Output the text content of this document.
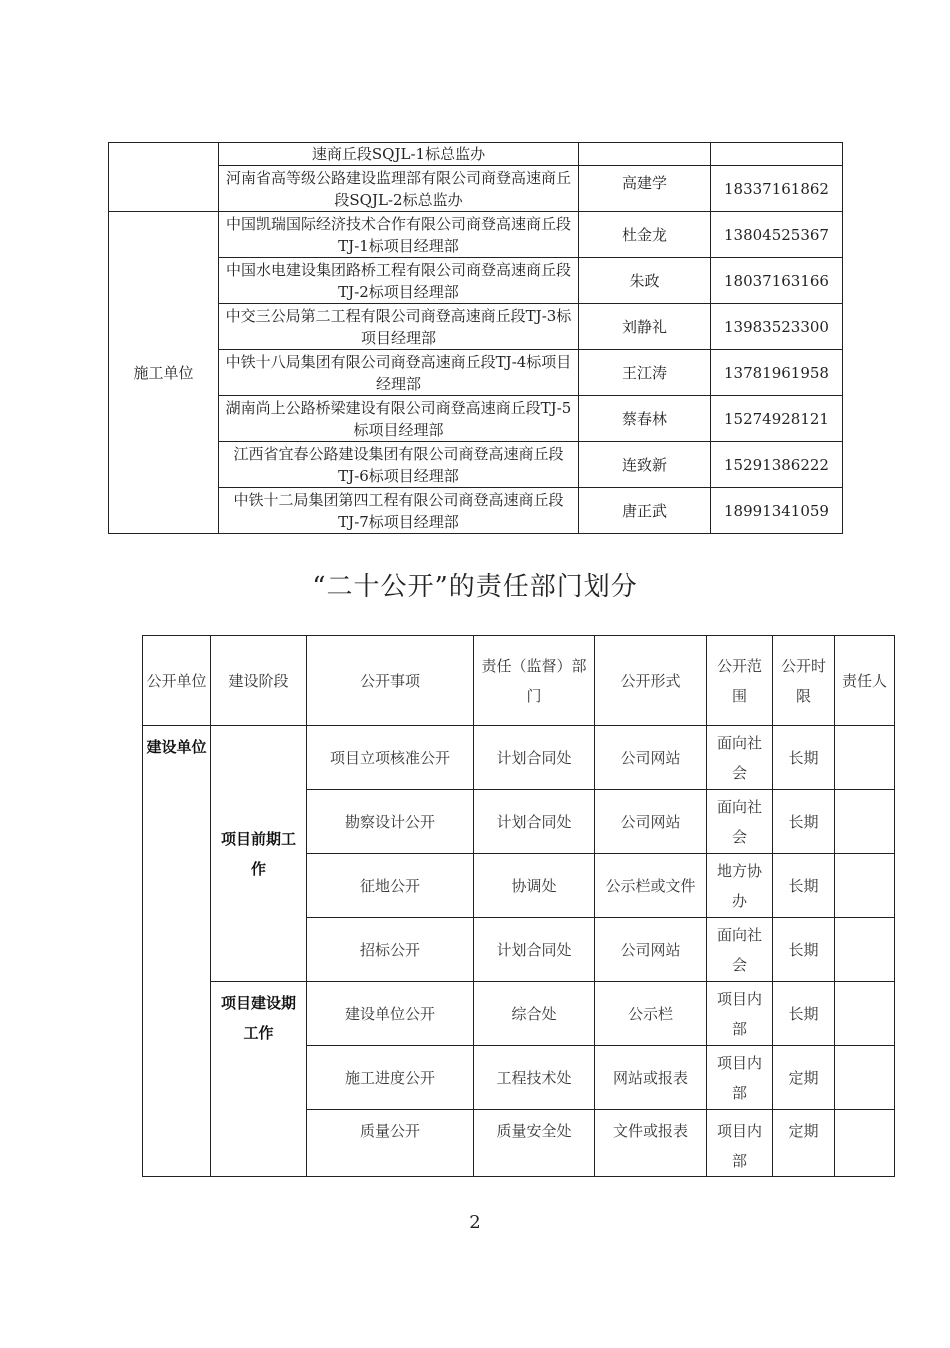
	速商丘段SQJL-1标总监办		
	河南省高等级公路建设监理部有限公司商登高速商丘段SQJL-2标总监办	高建学	18337161862
施工单位	中国凯瑞国际经济技术合作有限公司商登高速商丘段TJ-1标项目经理部	杜金龙	13804525367
	中国水电建设集团路桥工程有限公司商登高速商丘段TJ-2标项目经理部	朱政	18037163166
	中交三公局第二工程有限公司商登高速商丘段TJ-3标项目经理部	刘静礼	13983523300
	中铁十八局集团有限公司商登高速商丘段TJ-4标项目经理部	王江涛	13781961958
	湖南尚上公路桥梁建设有限公司商登高速商丘段TJ-5标项目经理部	蔡春林	15274928121
	江西省宜春公路建设集团有限公司商登高速商丘段TJ-6标项目经理部	连致新	15291386222
	中铁十二局集团第四工程有限公司商登高速商丘段TJ-7标项目经理部	唐正武	18991341059
“二十公开”的责任部门划分
公开单位	建设阶段	公开事项	责任（监督）部门	公开形式	公开范围	公开时限	责任人
建设单位	项目前期工作	项目立项核准公开	计划合同处	公司网站	面向社会	长期	
		勘察设计公开	计划合同处	公司网站	面向社会	长期	
		征地公开	协调处	公示栏或文件	地方协办	长期	
		招标公开	计划合同处	公司网站	面向社会	长期	
	项目建设期工作	建设单位公开	综合处	公示栏	项目内部	长期	
		施工进度公开	工程技术处	网站或报表	项目内部	定期	
		质量公开	质量安全处	文件或报表	项目内部	定期	
2
